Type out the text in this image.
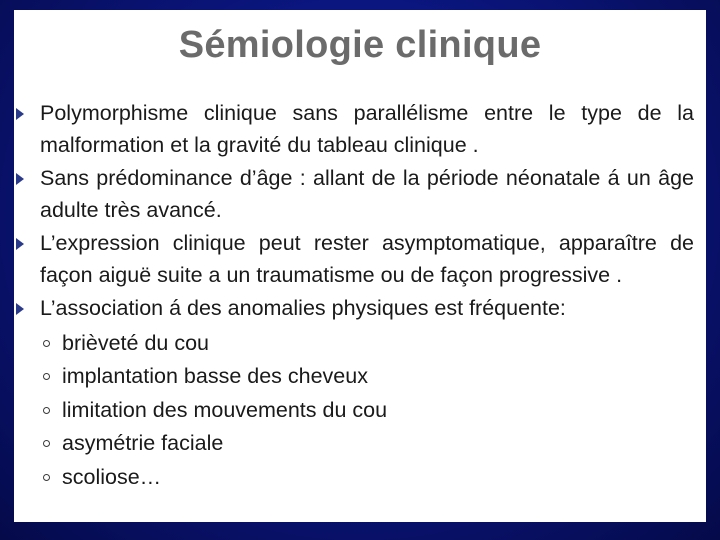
Sémiologie clinique
Polymorphisme clinique sans parallélisme entre le type de la malformation et la gravité du tableau clinique .
Sans prédominance d’âge : allant de la période néonatale á un âge adulte très avancé.
L’expression clinique peut rester asymptomatique, apparaître de façon aiguë suite a un traumatisme ou de façon progressive .
L’association á des anomalies physiques est fréquente:
brièveté du cou
implantation basse des cheveux
limitation des mouvements du cou
asymétrie faciale
scoliose…
